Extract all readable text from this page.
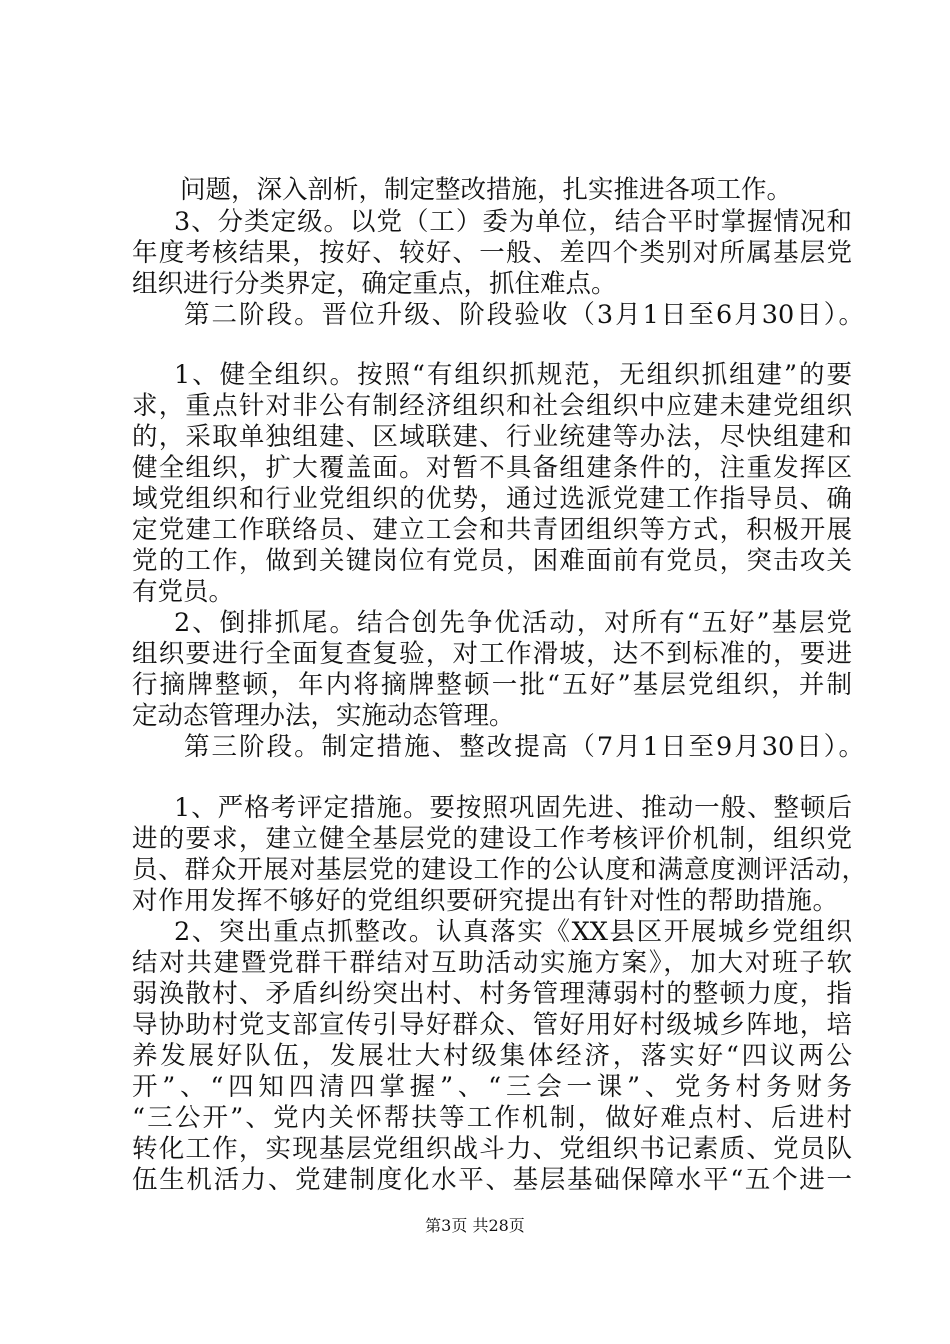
问题，深入剖析，制定整改措施，扎实推进各项工作。
3、分类定级。以党（工）委为单位，结合平时掌握情况和
年度考核结果，按好、较好、一般、差四个类别对所属基层党
组织进行分类界定，确定重点，抓住难点。
第二阶段。晋位升级、阶段验收（3月1日至6月30日）。
1、健全组织。按照“有组织抓规范，无组织抓组建”的要
求，重点针对非公有制经济组织和社会组织中应建未建党组织
的，采取单独组建、区域联建、行业统建等办法，尽快组建和
健全组织，扩大覆盖面。对暂不具备组建条件的，注重发挥区
域党组织和行业党组织的优势，通过选派党建工作指导员、确
定党建工作联络员、建立工会和共青团组织等方式，积极开展
党的工作，做到关键岗位有党员，困难面前有党员，突击攻关
有党员。
2、倒排抓尾。结合创先争优活动，对所有“五好”基层党
组织要进行全面复查复验，对工作滑坡，达不到标准的，要进
行摘牌整顿，年内将摘牌整顿一批“五好”基层党组织，并制
定动态管理办法，实施动态管理。
第三阶段。制定措施、整改提高（7月1日至9月30日）。
1、严格考评定措施。要按照巩固先进、推动一般、整顿后
进的要求，建立健全基层党的建设工作考核评价机制，组织党
员、群众开展对基层党的建设工作的公认度和满意度测评活动，
对作用发挥不够好的党组织要研究提出有针对性的帮助措施。
2、突出重点抓整改。认真落实《XX县区开展城乡党组织
结对共建暨党群干群结对互助活动实施方案》，加大对班子软
弱涣散村、矛盾纠纷突出村、村务管理薄弱村的整顿力度，指
导协助村党支部宣传引导好群众、管好用好村级城乡阵地，培
养发展好队伍，发展壮大村级集体经济，落实好“四议两公
开”、“四知四清四掌握”、“三会一课”、党务村务财务
“三公开”、党内关怀帮扶等工作机制，做好难点村、后进村
转化工作，实现基层党组织战斗力、党组织书记素质、党员队
伍生机活力、党建制度化水平、基层基础保障水平“五个进一
第3页 共28页
